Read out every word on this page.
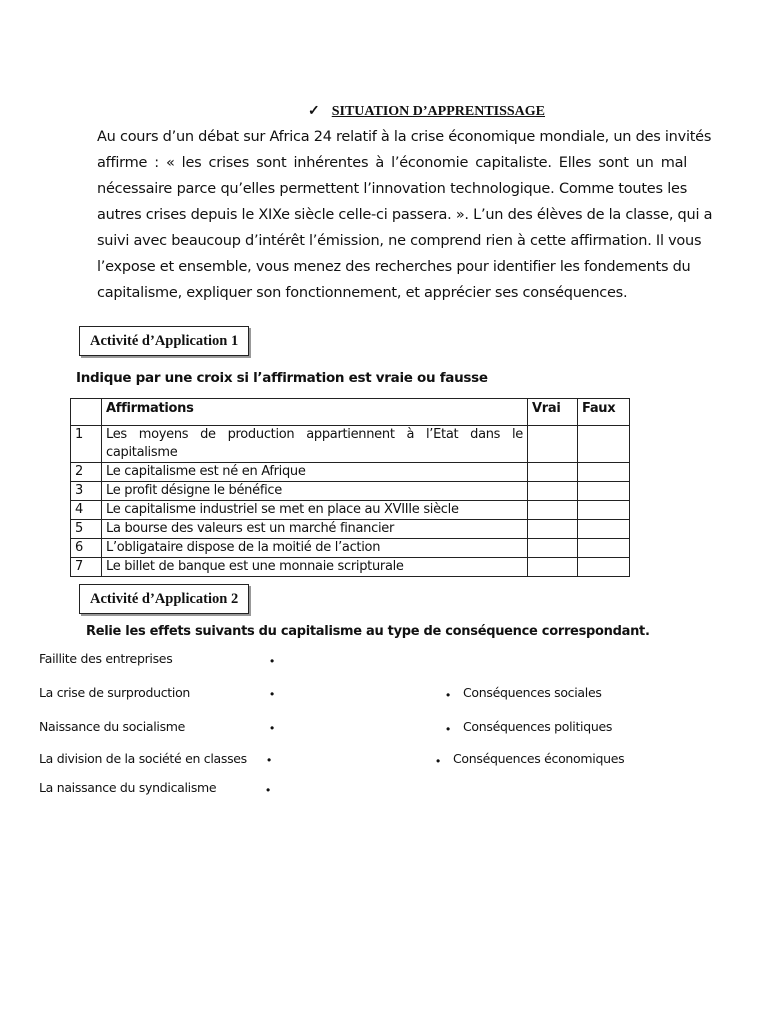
✓ SITUATION D’APPRENTISSAGE
Au cours d’un débat sur Africa 24 relatif à la crise économique mondiale, un des invités
affirme : « les crises sont inhérentes à l’économie capitaliste. Elles sont un mal
nécessaire parce qu’elles permettent l’innovation technologique. Comme toutes les
autres crises depuis le XIXe siècle celle-ci passera. ». L’un des élèves de la classe, qui a
suivi avec beaucoup d’intérêt l’émission, ne comprend rien à cette affirmation. Il vous
l’expose et ensemble, vous menez des recherches pour identifier les fondements du
capitalisme, expliquer son fonctionnement, et apprécier ses conséquences.
Activité d’Application 1
Indique par une croix si l’affirmation est vraie ou fausse
	Affirmations	Vrai	Faux
1	Les moyens de production appartiennent à l’Etat dans le capitalisme		
2	Le capitalisme est né en Afrique		
3	Le profit désigne le bénéfice		
4	Le capitalisme industriel se met en place au XVIIIe siècle		
5	La bourse des valeurs est un marché financier		
6	L’obligataire dispose de la moitié de l’action		
7	Le billet de banque est une monnaie scripturale		
Activité d’Application 2
Relie les effets suivants du capitalisme au type de conséquence correspondant.
Faillite des entreprises
La crise de surproduction
Naissance du socialisme
La division de la société en classes
La naissance du syndicalisme
•
•
•
•
•
•
•
•
Conséquences sociales
Conséquences politiques
Conséquences économiques
